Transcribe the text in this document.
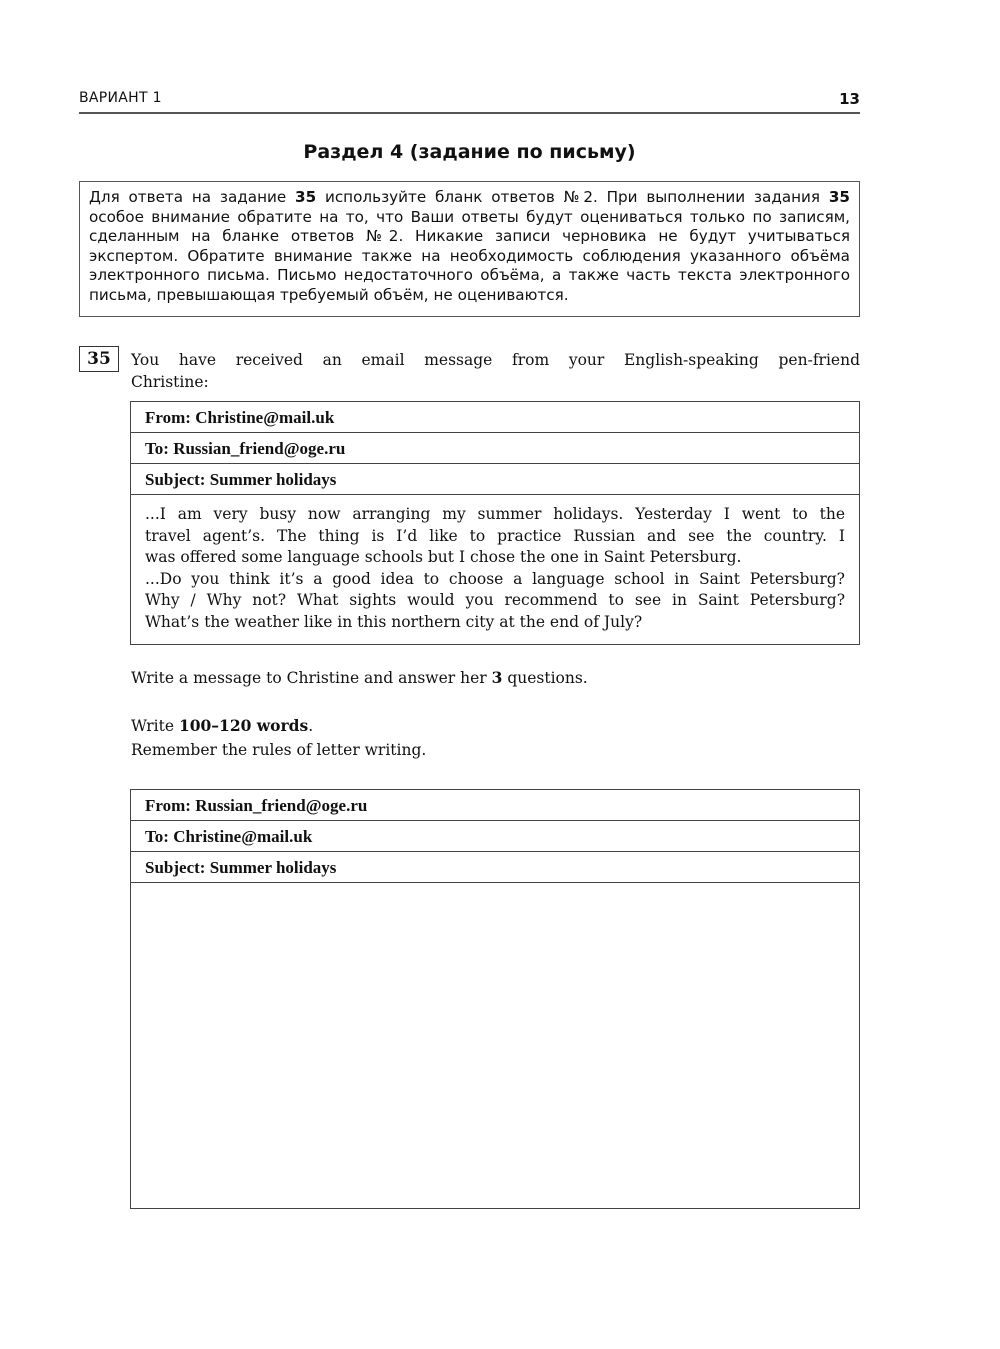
ВАРИАНТ 1	13
Раздел 4 (задание по письму)
Для ответа на задание 35 используйте бланк ответов №2. При выполнении задания 35
особое внимание обратите на то, что Ваши ответы будут оцениваться только по записям,
сделанным на бланке ответов №2. Никакие записи черновика не будут учитываться
экспертом. Обратите внимание также на необходимость соблюдения указанного объёма
электронного письма. Письмо недостаточного объёма, а также часть текста электронного
письма, превышающая требуемый объём, не оцениваются.
35	You have received an email message from your English-speaking pen-friend
Christine:
From: Christine@mail.uk
To: Russian_friend@oge.ru
Subject: Summer holidays
...I am very busy now arranging my summer holidays. Yesterday I went to the
travel agent’s. The thing is I’d like to practice Russian and see the country. I
was offered some language schools but I chose the one in Saint Petersburg.
...Do you think it’s a good idea to choose a language school in Saint Petersburg?
Why / Why not? What sights would you recommend to see in Saint Petersburg?
What’s the weather like in this northern city at the end of July?
Write a message to Christine and answer her 3 questions.
Write 100–120 words.
Remember the rules of letter writing.
From: Russian_friend@oge.ru
To: Christine@mail.uk
Subject: Summer holidays
